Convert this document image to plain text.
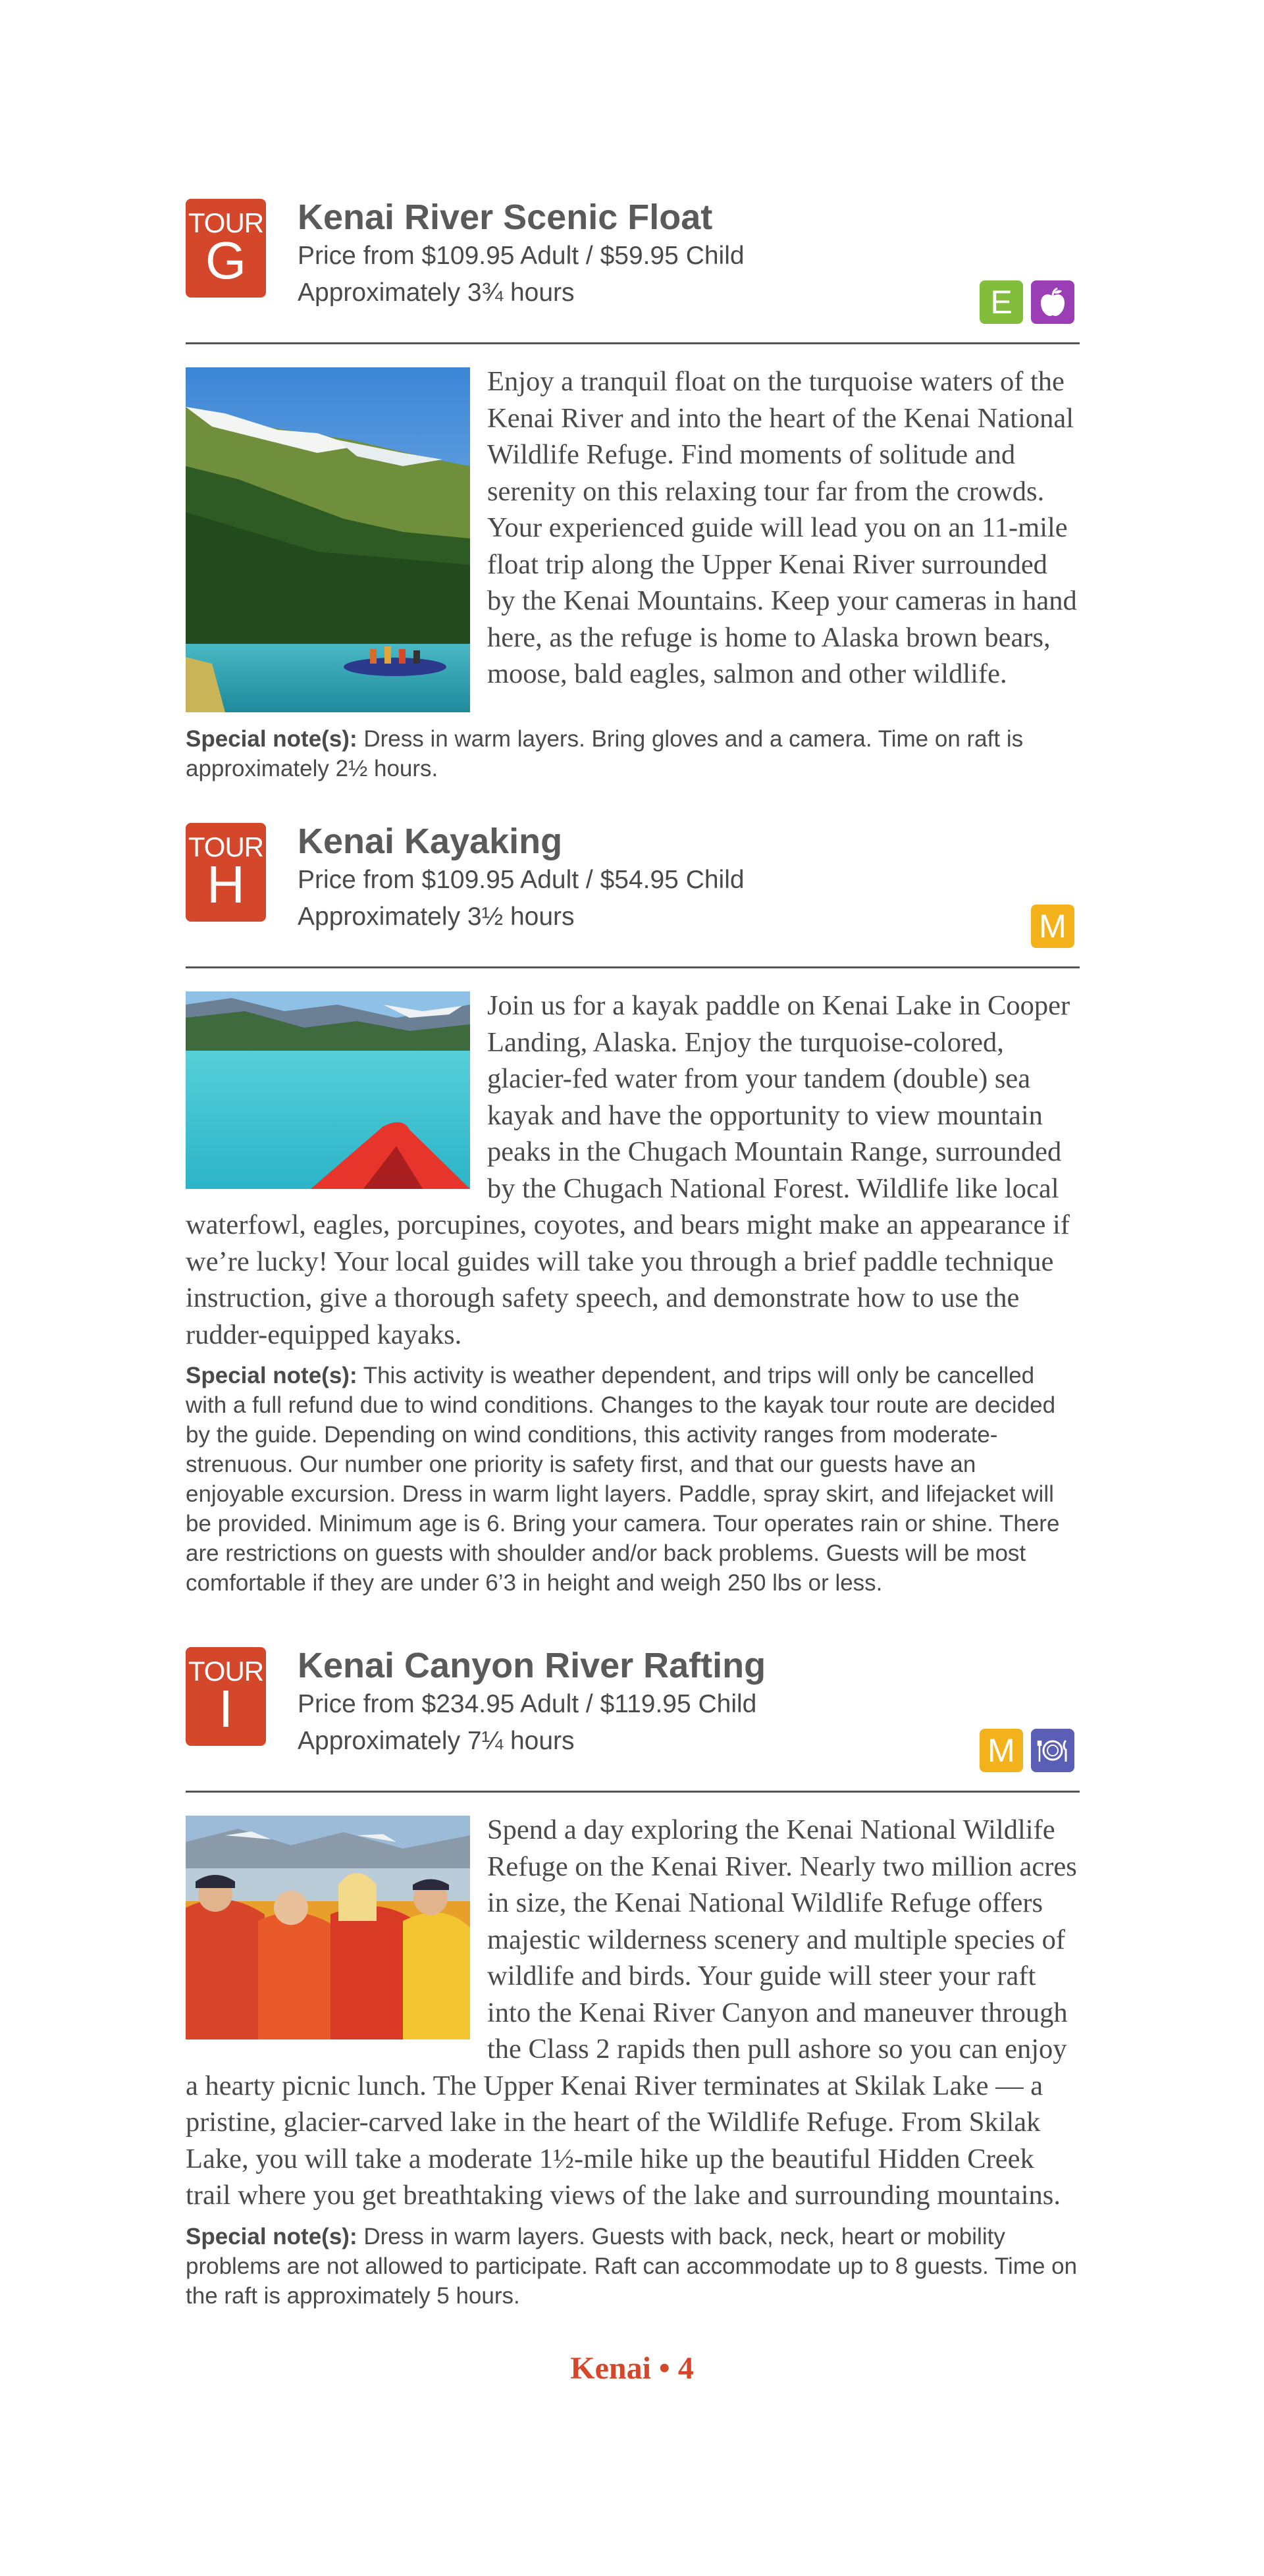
TOUR
G
Kenai River Scenic Float
Price from $109.95 Adult / $59.95 Child
Approximately 3¾ hours	E
Enjoy a tranquil float on the turquoise waters of the Kenai River and into the heart of the Kenai National Wildlife Refuge. Find moments of solitude and serenity on this relaxing tour far from the crowds. Your experienced guide will lead you on an 11-mile float trip along the Upper Kenai River surrounded by the Kenai Mountains. Keep your cameras in hand here, as the refuge is home to Alaska brown bears, moose, bald eagles, salmon and other wildlife.
Special note(s): Dress in warm layers. Bring gloves and a camera. Time on raft is approximately 2½ hours.
TOUR
H
Kenai Kayaking
Price from $109.95 Adult / $54.95 Child
Approximately 3½ hours	M
Join us for a kayak paddle on Kenai Lake in Cooper Landing, Alaska. Enjoy the turquoise-colored, glacier-fed water from your tandem (double) sea kayak and have the opportunity to view mountain peaks in the Chugach Mountain Range, surrounded by the Chugach National Forest. Wildlife like local waterfowl, eagles, porcupines, coyotes, and bears might make an appearance if we’re lucky! Your local guides will take you through a brief paddle technique instruction, give a thorough safety speech, and demonstrate how to use the rudder-equipped kayaks.
Special note(s): This activity is weather dependent, and trips will only be cancelled with a full refund due to wind conditions. Changes to the kayak tour route are decided by the guide. Depending on wind conditions, this activity ranges from moderate-strenuous. Our number one priority is safety first, and that our guests have an enjoyable excursion. Dress in warm light layers. Paddle, spray skirt, and lifejacket will be provided. Minimum age is 6. Bring your camera. Tour operates rain or shine. There are restrictions on guests with shoulder and/or back problems. Guests will be most comfortable if they are under 6’3 in height and weigh 250 lbs or less.
TOUR
I
Kenai Canyon River Rafting
Price from $234.95 Adult / $119.95 Child
Approximately 7¼ hours	M
Spend a day exploring the Kenai National Wildlife Refuge on the Kenai River. Nearly two million acres in size, the Kenai National Wildlife Refuge offers majestic wilderness scenery and multiple species of wildlife and birds. Your guide will steer your raft into the Kenai River Canyon and maneuver through the Class 2 rapids then pull ashore so you can enjoy a hearty picnic lunch. The Upper Kenai River terminates at Skilak Lake — a pristine, glacier-carved lake in the heart of the Wildlife Refuge. From Skilak Lake, you will take a moderate 1½-mile hike up the beautiful Hidden Creek trail where you get breathtaking views of the lake and surrounding mountains.
Special note(s): Dress in warm layers. Guests with back, neck, heart or mobility problems are not allowed to participate. Raft can accommodate up to 8 guests. Time on the raft is approximately 5 hours.
Kenai • 4
